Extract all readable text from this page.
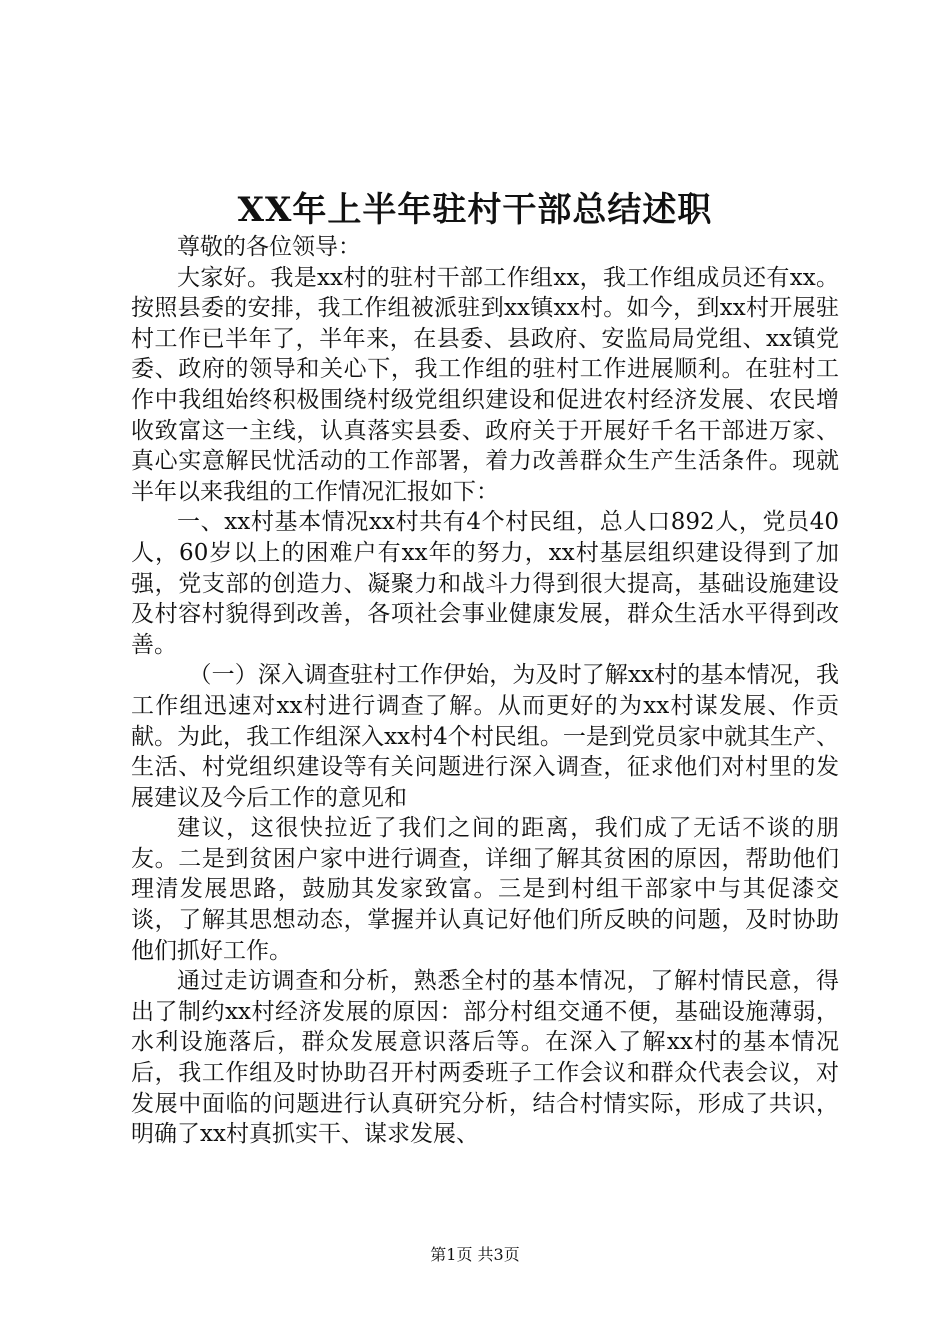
XX年上半年驻村干部总结述职

尊敬的各位领导：

大家好。我是xx村的驻村干部工作组xx，我工作组成员还有xx。按照县委的安排，我工作组被派驻到xx镇xx村。如今，到xx村开展驻村工作已半年了，半年来，在县委、县政府、安监局局党组、xx镇党委、政府的领导和关心下，我工作组的驻村工作进展顺利。在驻村工作中我组始终积极围绕村级党组织建设和促进农村经济发展、农民增收致富这一主线，认真落实县委、政府关于开展好千名干部进万家、真心实意解民忧活动的工作部署，着力改善群众生产生活条件。现就半年以来我组的工作情况汇报如下：

一、xx村基本情况xx村共有4个村民组，总人口892人，党员40人，60岁以上的困难户有xx年的努力，xx村基层组织建设得到了加强，党支部的创造力、凝聚力和战斗力得到很大提高，基础设施建设及村容村貌得到改善，各项社会事业健康发展，群众生活水平得到改善。

（一）深入调查驻村工作伊始，为及时了解xx村的基本情况，我工作组迅速对xx村进行调查了解。从而更好的为xx村谋发展、作贡献。为此，我工作组深入xx村4个村民组。一是到党员家中就其生产、生活、村党组织建设等有关问题进行深入调查，征求他们对村里的发展建议及今后工作的意见和

建议，这很快拉近了我们之间的距离，我们成了无话不谈的朋友。二是到贫困户家中进行调查，详细了解其贫困的原因，帮助他们理清发展思路，鼓励其发家致富。三是到村组干部家中与其促漆交谈，了解其思想动态，掌握并认真记好他们所反映的问题，及时协助他们抓好工作。

通过走访调查和分析，熟悉全村的基本情况，了解村情民意，得出了制约xx村经济发展的原因：部分村组交通不便，基础设施薄弱，水利设施落后，群众发展意识落后等。在深入了解xx村的基本情况后，我工作组及时协助召开村两委班子工作会议和群众代表会议，对发展中面临的问题进行认真研究分析，结合村情实际，形成了共识，明确了xx村真抓实干、谋求发展、

第1页 共3页
